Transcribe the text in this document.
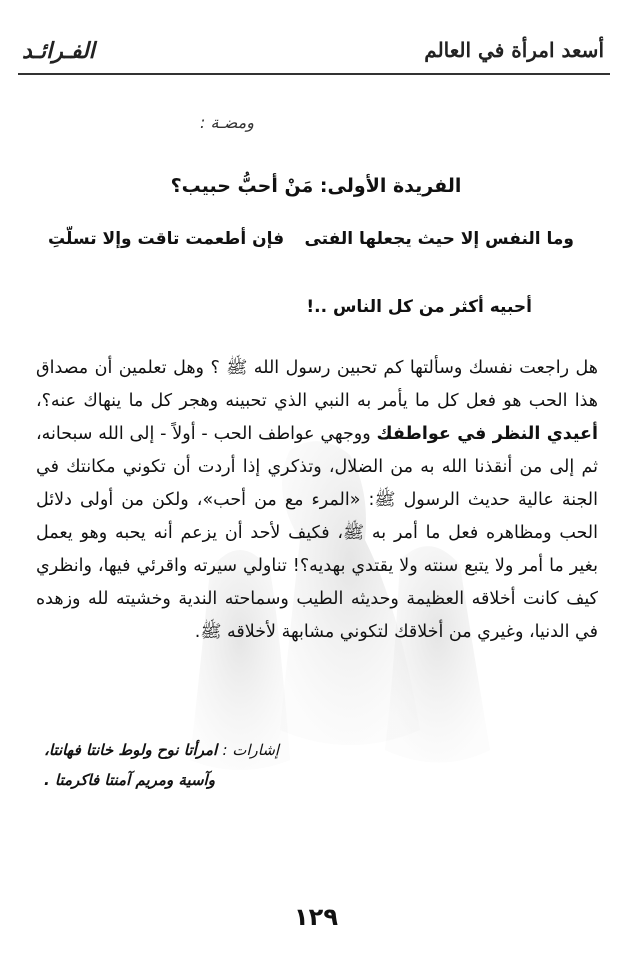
الفـرائـد	أسعد امرأة في العالم
ومضـة :
الفريدة الأولى: مَنْ أحبُّ حبيب؟
وما النفس إلا حيث يجعلها الفتى
فإن أطعمت تاقت وإلا تسلّتِ
أحبيه أكثر من كل الناس ..!
هل راجعت نفسك وسألتها كم تحبين رسول الله ﷺ ؟ وهل تعلمين أن مصداق هذا الحب هو فعل كل ما يأمر به النبي الذي تحبينه وهجر كل ما ينهاك عنه؟، أعيدي النظر في عواطفك ووجهي عواطف الحب - أولاً - إلى الله سبحانه، ثم إلى من أنقذنا الله به من الضلال، وتذكري إذا أردت أن تكوني مكانتك في الجنة عالية حديث الرسول ﷺ: «المرء مع من أحب»، ولكن من أولى دلائل الحب ومظاهره فعل ما أمر به ﷺ، فكيف لأحد أن يزعم أنه يحبه وهو يعمل بغير ما أمر ولا يتبع سنته ولا يقتدي بهديه؟! تناولي سيرته واقرئي فيها، وانظري كيف كانت أخلاقه العظيمة وحديثه الطيب وسماحته الندية وخشيته لله وزهده في الدنيا، وغيري من أخلاقك لتكوني مشابهة لأخلاقه ﷺ.
إشارات : امرأتا نوح ولوط خانتا فهانتا،
وآسية ومريم آمنتا فاكرمتا .
١٢٩
